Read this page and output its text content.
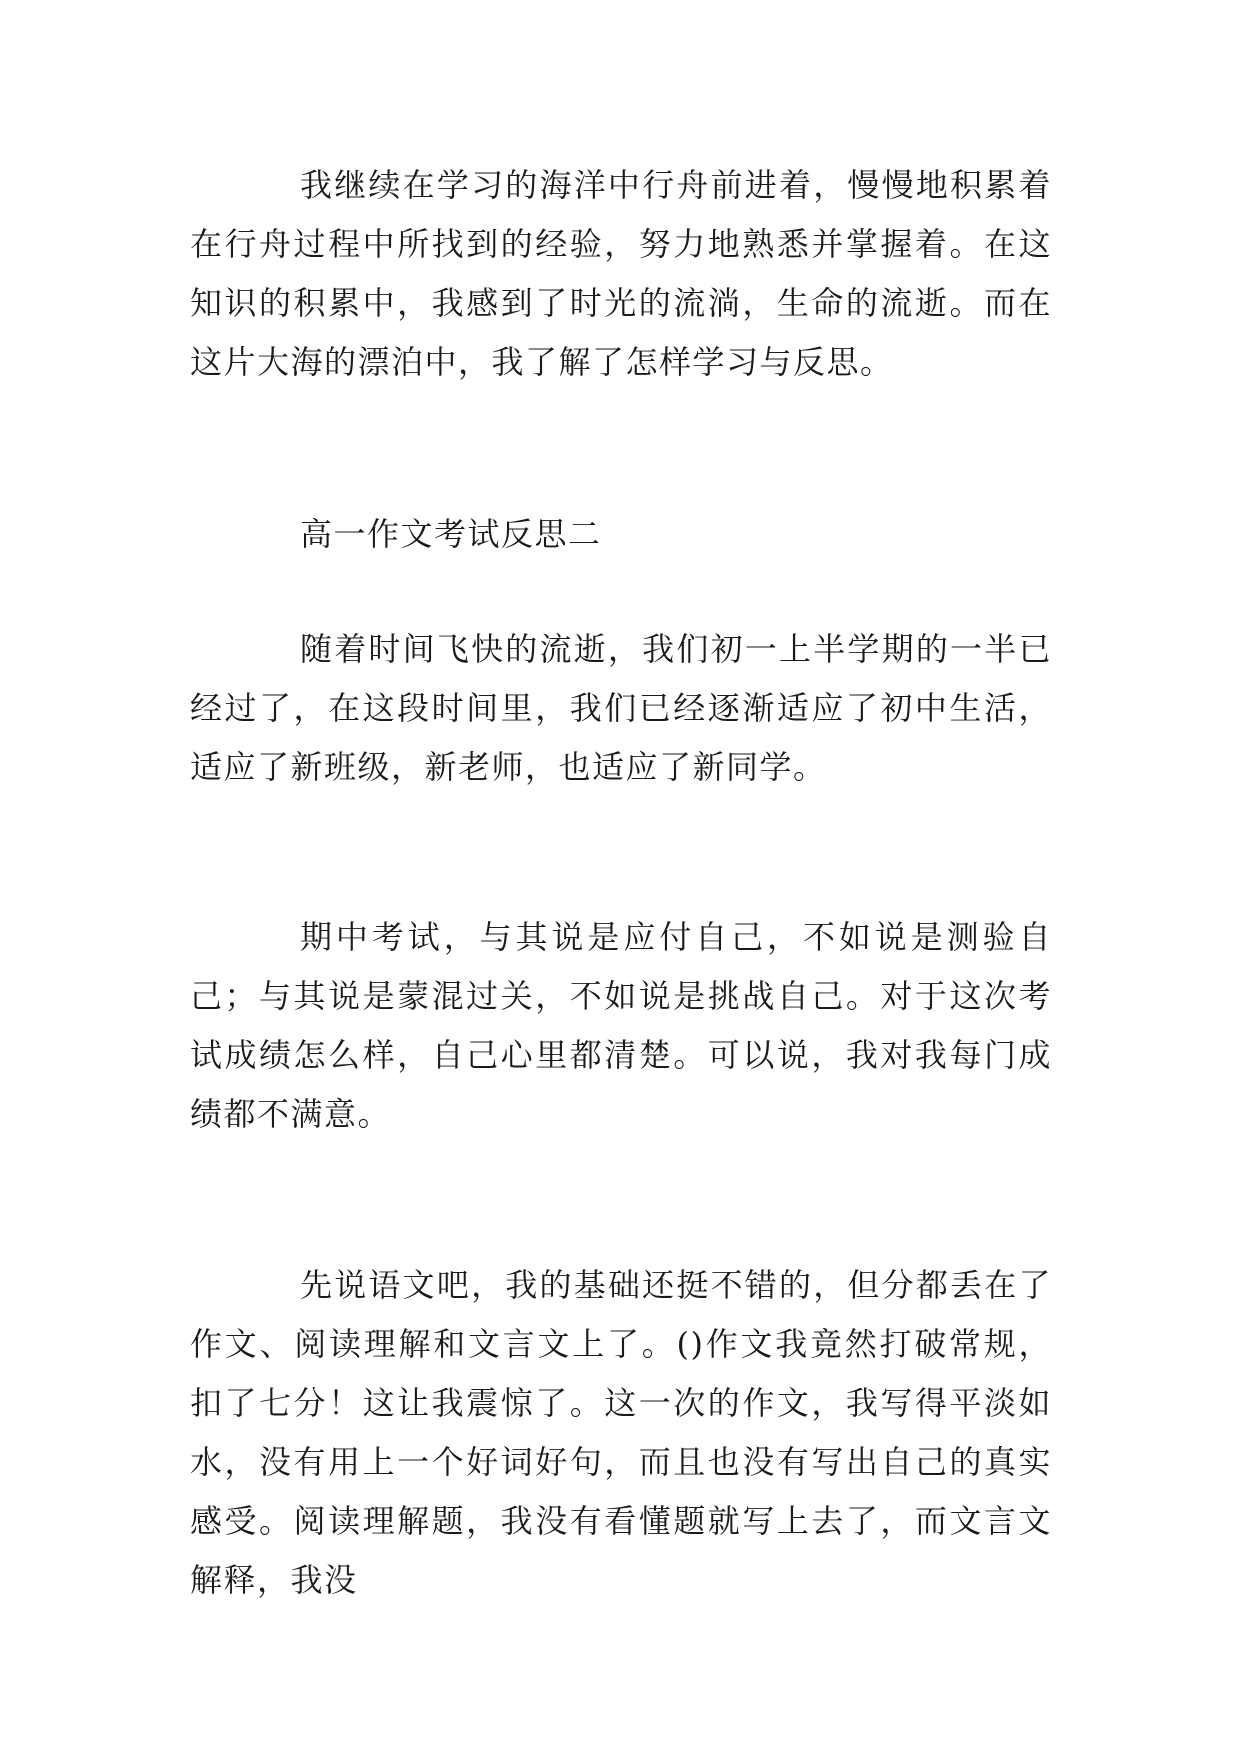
我继续在学习的海洋中行舟前进着，慢慢地积累着在行舟过程中所找到的经验，努力地熟悉并掌握着。在这知识的积累中，我感到了时光的流淌，生命的流逝。而在这片大海的漂泊中，我了解了怎样学习与反思。

高一作文考试反思二

随着时间飞快的流逝，我们初一上半学期的一半已经过了，在这段时间里，我们已经逐渐适应了初中生活，适应了新班级，新老师，也适应了新同学。

期中考试，与其说是应付自己，不如说是测验自己；与其说是蒙混过关，不如说是挑战自己。对于这次考试成绩怎么样，自己心里都清楚。可以说，我对我每门成绩都不满意。

先说语文吧，我的基础还挺不错的，但分都丢在了作文、阅读理解和文言文上了。()作文我竟然打破常规，扣了七分！这让我震惊了。这一次的作文，我写得平淡如水，没有用上一个好词好句，而且也没有写出自己的真实感受。阅读理解题，我没有看懂题就写上去了，而文言文解释，我没
